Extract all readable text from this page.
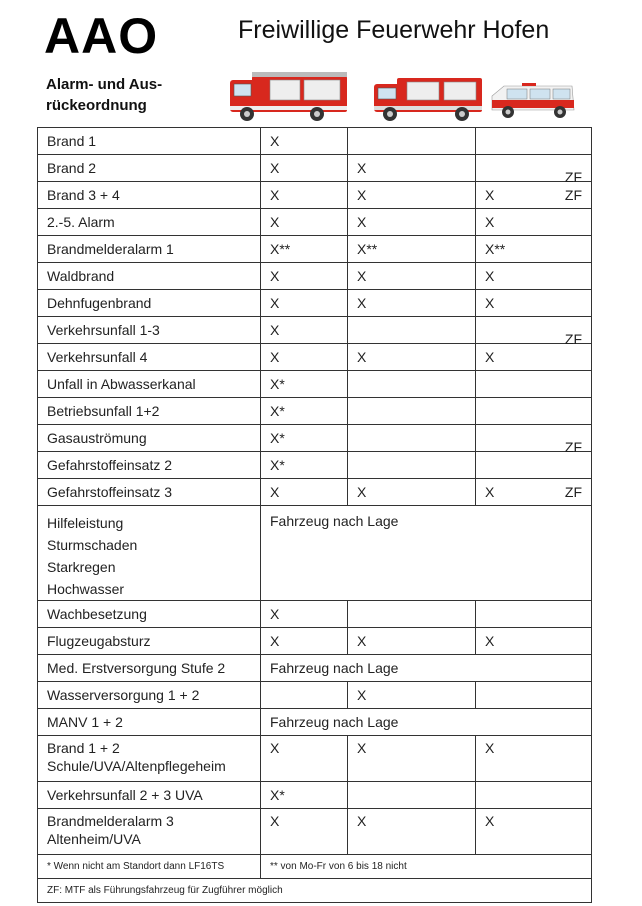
AAO
Alarm- und Aus-
rückeordnung
Freiwillige Feuerwehr Hofen
Brand 1	X		

Brand 2	X	X	ZF

Brand 3 + 4	X	X	X ZF

2.-5. Alarm	X	X	X

Brandmelderalarm 1	X**	X**	X**

Waldbrand	X	X	X

Dehnfugenbrand	X	X	X

Verkehrsunfall 1-3	X		ZF

Verkehrsunfall 4	X	X	X

Unfall in Abwasserkanal	X*		

Betriebsunfall 1+2	X*		

Gasauströmung	X*		ZF

Gefahrstoffeinsatz 2	X*		

Gefahrstoffeinsatz 3	X	X	X ZF

Hilfeleistung
Sturmschaden
Starkregen
Hochwasser	Fahrzeug nach Lage		
Wachbesetzung	X		
Flugzeugabsturz	X	X	X
Med. Erstversorgung Stufe 2	Fahrzeug nach Lage		
Wasserversorgung 1 + 2		X	
MANV 1 + 2	Fahrzeug nach Lage		

Brand 1 + 2
Schule/UVA/Altenpflegeheim	X	X	X
Verkehrsunfall 2 + 3 UVA	X*		

Brandmelderalarm 3
Altenheim/UVA	X	X	X
* Wenn nicht am Standort dann LF16TS	** von Mo-Fr von 6 bis 18 nicht		
ZF: MTF als Führungsfahrzeug für Zugführer möglich			
